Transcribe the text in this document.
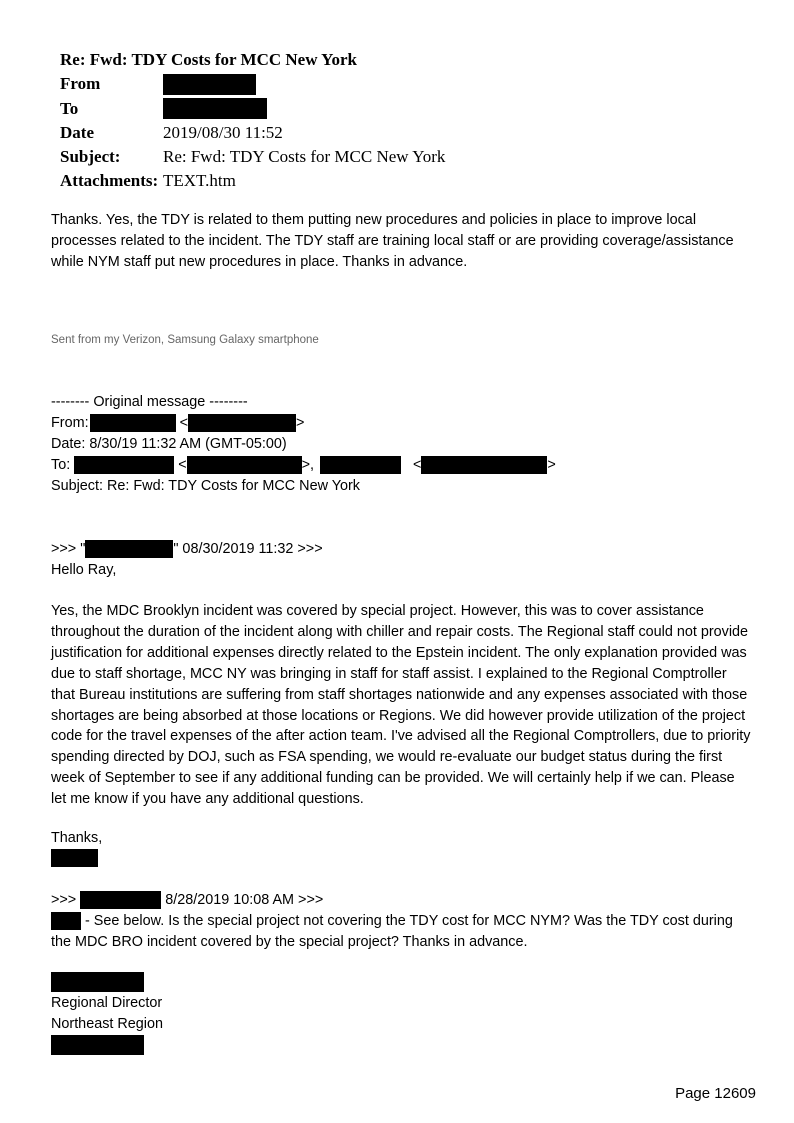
Re: Fwd: TDY Costs for MCC New York
From
To
Date	2019/08/30 11:52
Subject:	Re: Fwd: TDY Costs for MCC New York
Attachments: TEXT.htm
Thanks. Yes, the TDY is related to them putting new procedures and policies in place to improve local processes related to the incident. The TDY staff are training local staff or are providing coverage/assistance while NYM staff put new procedures in place. Thanks in advance.
Sent from my Verizon, Samsung Galaxy smartphone
-------- Original message --------
From:	<	>
Date: 8/30/19 11:32 AM (GMT-05:00)
To:	<	>,	<	>
Subject: Re: Fwd: TDY Costs for MCC New York
>>> "	" 08/30/2019 11:32 >>>
Hello Ray,
Yes, the MDC Brooklyn incident was covered by special project. However, this was to cover assistance throughout the duration of the incident along with chiller and repair costs. The Regional staff could not provide justification for additional expenses directly related to the Epstein incident. The only explanation provided was due to staff shortage, MCC NY was bringing in staff for staff assist. I explained to the Regional Comptroller that Bureau institutions are suffering from staff shortages nationwide and any expenses associated with those shortages are being absorbed at those locations or Regions. We did however provide utilization of the project code for the travel expenses of the after action team. I've advised all the Regional Comptrollers, due to priority spending directed by DOJ, such as FSA spending, we would re-evaluate our budget status during the first week of September to see if any additional funding can be provided. We will certainly help if we can. Please let me know if you have any additional questions.
Thanks,
>>>	8/28/2019 10:08 AM >>>
- See below. Is the special project not covering the TDY cost for MCC NYM? Was the TDY cost during
the MDC BRO incident covered by the special project? Thanks in advance.
Regional Director
Northeast Region
Page 12609
